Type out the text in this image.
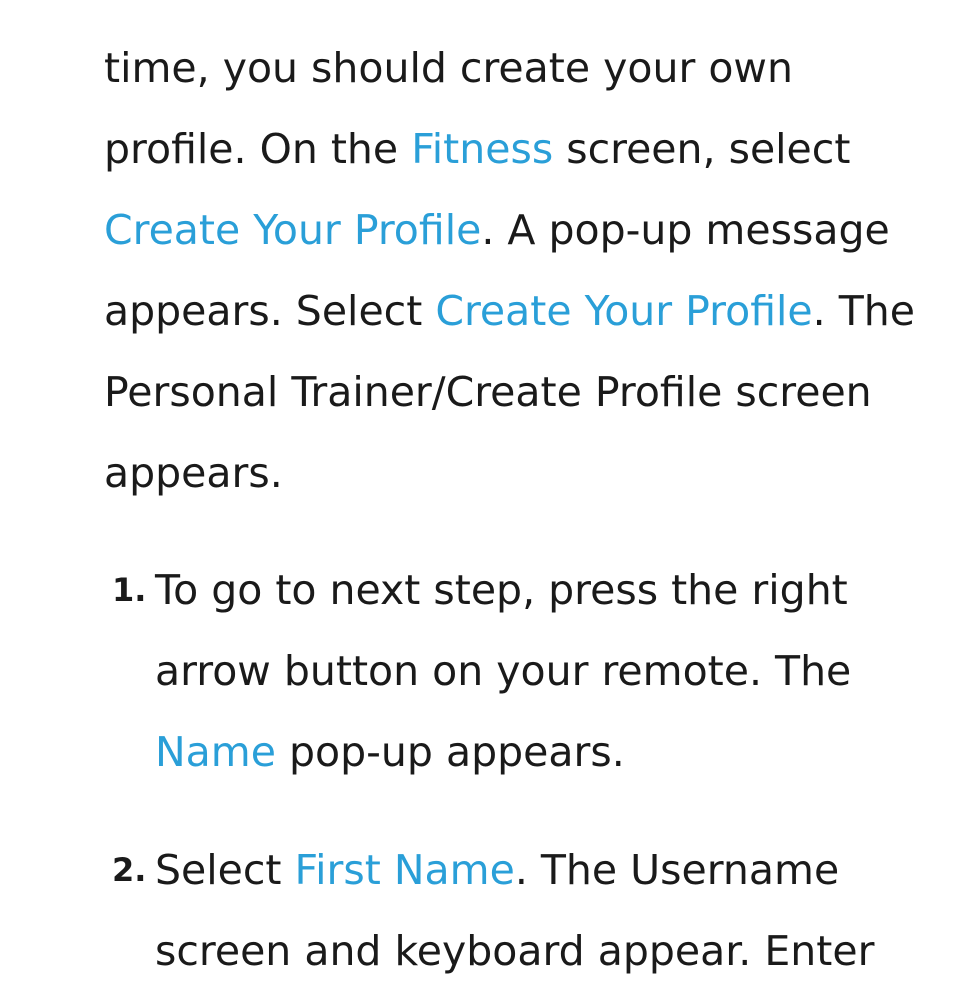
time, you should create your own profile. On the Fitness screen, select Create Your Profile. A pop-up message appears. Select Create Your Profile. The Personal Trainer/Create Profile screen appears.

1. To go to next step, press the right arrow button on your remote. The Name pop-up appears.
2. Select First Name. The Username screen and keyboard appear. Enter
